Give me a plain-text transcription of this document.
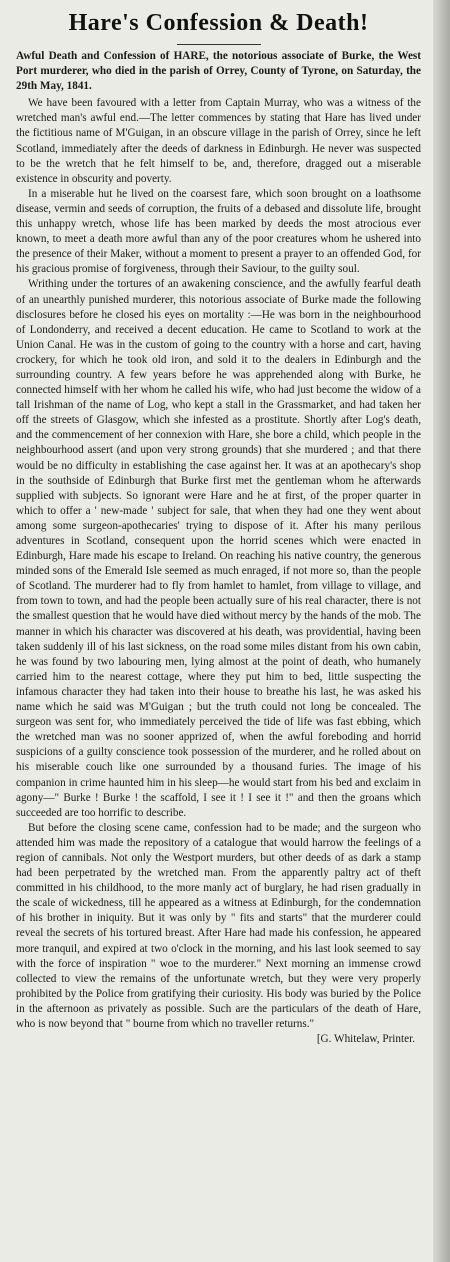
Hare's Confession & Death!

Awful Death and Confession of HARE, the notorious associate of Burke, the West Port murderer, who died in the parish of Orrey, County of Tyrone, on Saturday, the 29th May, 1841.

We have been favoured with a letter from Captain Murray, who was a witness of the wretched man's awful end.—The letter commences by stating that Hare has lived under the fictitious name of M'Guigan, in an obscure village in the parish of Orrey, since he left Scotland, immediately after the deeds of darkness in Edinburgh. He never was suspected to be the wretch that he felt himself to be, and, therefore, dragged out a miserable existence in obscurity and poverty.

In a miserable hut he lived on the coarsest fare, which soon brought on a loathsome disease, vermin and seeds of corruption, the fruits of a debased and dissolute life, brought this unhappy wretch, whose life has been marked by deeds the most atrocious ever known, to meet a death more awful than any of the poor creatures whom he ushered into the presence of their Maker, without a moment to present a prayer to an offended God, for his gracious promise of forgiveness, through their Saviour, to the guilty soul.

Writhing under the tortures of an awakening conscience, and the awfully fearful death of an unearthly punished murderer, this notorious associate of Burke made the following disclosures before he closed his eyes on mortality :—He was born in the neighbourhood of Londonderry, and received a decent education. He came to Scotland to work at the Union Canal. He was in the custom of going to the country with a horse and cart, having crockery, for which he took old iron, and sold it to the dealers in Edinburgh and the surrounding country. A few years before he was apprehended along with Burke, he connected himself with her whom he called his wife, who had just become the widow of a tall Irishman of the name of Log, who kept a stall in the Grassmarket, and had taken her off the streets of Glasgow, which she infested as a prostitute. Shortly after Log's death, and the commencement of her connexion with Hare, she bore a child, which people in the neighbourhood assert (and upon very strong grounds) that she murdered ; and that there would be no difficulty in establishing the case against her. It was at an apothecary's shop in the southside of Edinburgh that Burke first met the gentleman whom he afterwards supplied with subjects. So ignorant were Hare and he at first, of the proper quarter in which to offer a ' new-made ' subject for sale, that when they had one they went about among some surgeon-apothecaries' trying to dispose of it. After his many perilous adventures in Scotland, consequent upon the horrid scenes which were enacted in Edinburgh, Hare made his escape to Ireland. On reaching his native country, the generous minded sons of the Emerald Isle seemed as much enraged, if not more so, than the people of Scotland. The murderer had to fly from hamlet to hamlet, from village to village, and from town to town, and had the people been actually sure of his real character, there is not the smallest question that he would have died without mercy by the hands of the mob. The manner in which his character was discovered at his death, was providential, having been taken suddenly ill of his last sickness, on the road some miles distant from his own cabin, he was found by two labouring men, lying almost at the point of death, who humanely carried him to the nearest cottage, where they put him to bed, little suspecting the infamous character they had taken into their house to breathe his last, he was asked his name which he said was M'Guigan ; but the truth could not long be concealed. The surgeon was sent for, who immediately perceived the tide of life was fast ebbing, which the wretched man was no sooner apprized of, when the awful foreboding and horrid suspicions of a guilty conscience took possession of the murderer, and he rolled about on his miserable couch like one surrounded by a thousand furies. The image of his companion in crime haunted him in his sleep—he would start from his bed and exclaim in agony—" Burke ! Burke ! the scaffold, I see it ! I see it !" and then the groans which succeeded are too horrific to describe.

But before the closing scene came, confession had to be made; and the surgeon who attended him was made the repository of a catalogue that would harrow the feelings of a region of cannibals. Not only the Westport murders, but other deeds of as dark a stamp had been perpetrated by the wretched man. From the apparently paltry act of theft committed in his childhood, to the more manly act of burglary, he had risen gradually in the scale of wickedness, till he appeared as a witness at Edinburgh, for the condemnation of his brother in iniquity. But it was only by " fits and starts" that the murderer could reveal the secrets of his tortured breast. After Hare had made his confession, he appeared more tranquil, and expired at two o'clock in the morning, and his last look seemed to say with the force of inspiration " woe to the murderer." Next morning an immense crowd collected to view the remains of the unfortunate wretch, but they were very properly prohibited by the Police from gratifying their curiosity. His body was buried by the Police in the afternoon as privately as possible. Such are the particulars of the death of Hare, who is now beyond that " bourne from which no traveller returns."

[G. Whitelaw, Printer.
